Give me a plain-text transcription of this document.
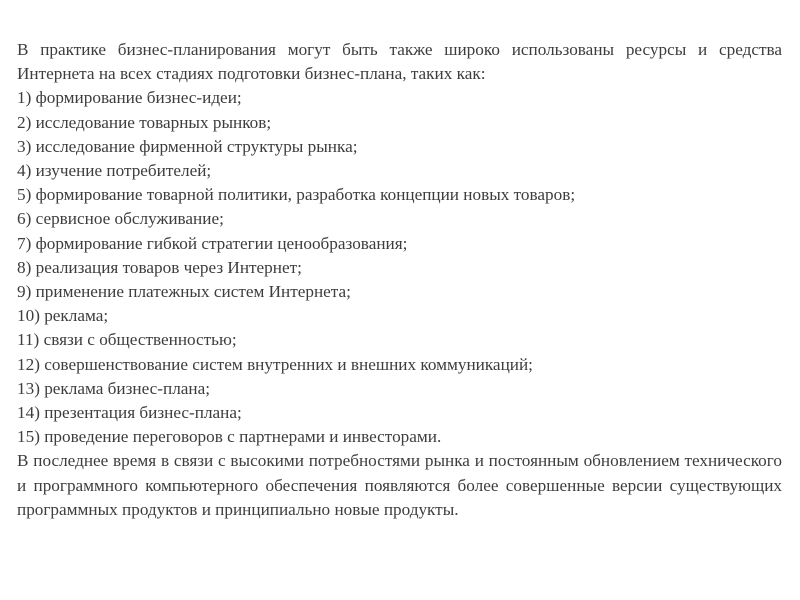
В практике бизнес-планирования могут быть также широко использованы ресурсы и средства Интернета на всех стадиях подготовки бизнес-плана, таких как:

1) формирование бизнес-идеи;
2) исследование товарных рынков;
3) исследование фирменной структуры рынка;
4) изучение потребителей;
5) формирование товарной политики, разработка концепции новых товаров;
6) сервисное обслуживание;
7) формирование гибкой стратегии ценообразования;
8) реализация товаров через Интернет;
9) применение платежных систем Интернета;
10) реклама;
11) связи с общественностью;
12) совершенствование систем внутренних и внешних коммуникаций;
13) реклама бизнес-плана;
14) презентация бизнес-плана;
15) проведение переговоров с партнерами и инвесторами.

В последнее время в связи с высокими потребностями рынка и постоянным обновлением технического и программного компьютерного обеспечения появляются более совершенные версии существующих программных продуктов и принципиально новые продукты.
